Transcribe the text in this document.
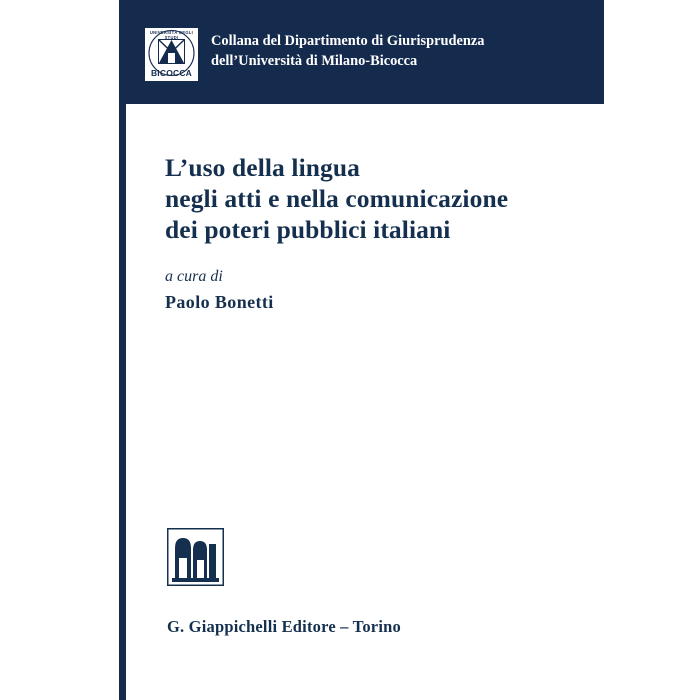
UNIVERSITÀ DEGLI STUDI
BICOCCA
Collana del Dipartimento di Giurisprudenza
dell’Università di Milano-Bicocca
L’uso della lingua
negli atti e nella comunicazione
dei poteri pubblici italiani
a cura di
Paolo Bonetti
G. Giappichelli Editore – Torino
